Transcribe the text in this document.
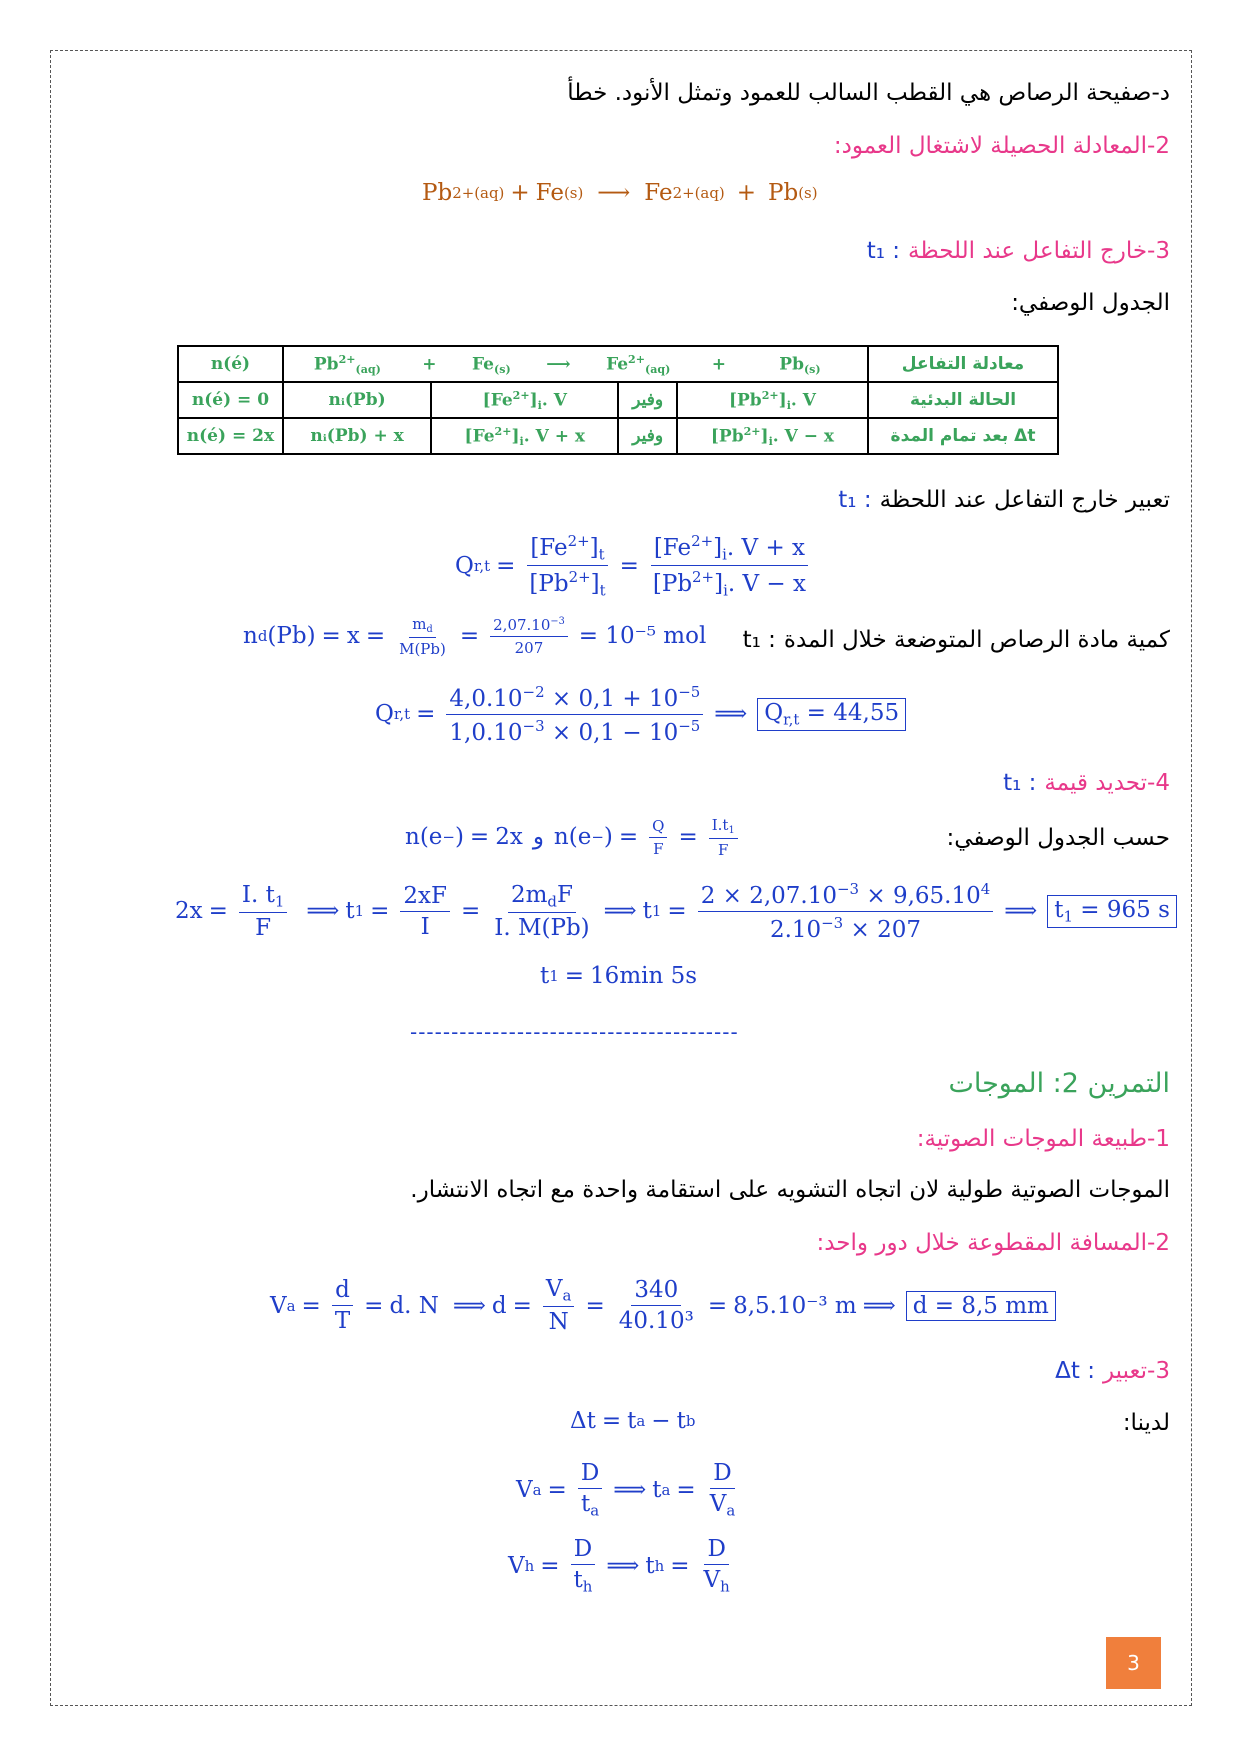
د-صفيحة الرصاص هي القطب السالب للعمود وتمثل الأنود. خطأ
2-المعادلة الحصيلة لاشتغال العمود:
Pb 2+ (aq) + Fe (s) ⟶ Fe 2+ (aq) + Pb (s)
3-خارج التفاعل عند اللحظة
t₁ :
الجدول الوصفي:
n(é)	$Pb^{2+}_{(aq)}$       +      $Fe_{(s)}$      ⟶      $Fe^{2+}_{(aq)}$       +         $Pb_{(s)}$				معادلة التفاعل
n(é) = 0	nᵢ(Pb)	$[Fe^{2+}]_i$. V	وفير	$[Pb^{2+}]_i$. V	الحالة البدئية
n(é) = 2x	nᵢ(Pb) + x	$[Fe^{2+}]_i$. V + x	وفير	$[Pb^{2+}]_i$. V − x	بعد تمام المدة Δt
تعبير خارج التفاعل عند اللحظة
t₁ :
Q $r,t = \frac{[Fe^{2+}]_t}{[Pb^{2+}]_t} = \frac{[Fe^{2+}]_i. V + x}{[Pb^{2+}]_i. V - x}$
كمية مادة الرصاص المتوضعة خلال المدة
t₁ :
n d $(Pb) = x = \frac{m_d}{M(Pb)} = \frac{2,07.10^{-3}}{207} = 10^{-5}$ mol
Q $r,t = \frac{4,0.10^{-2} \times 0,1 + 10^{-5}}{1,0.10^{-3} \times 0,1 - 10^{-5}}$ ⟹ $Q_{r,t} = 44,55$
4-تحديد قيمة
t₁ :
حسب الجدول الوصفي:
n(e − ) = 2x و n(e − ) = $\frac{Q}{F} = \frac{I.t_1}{F}$
$2x = \frac{I. t_1}{F}$ ⟹ t $1 = \frac{2xF}{I} = \frac{2m_dF}{I. M(Pb)}$ ⟹ t $1 = \frac{2 \times 2,07.10^{-3} \times 9,65.10^4}{2.10^{-3} \times 207}$ ⟹ $t_1 = 965$ s
t 1 = 16min 5s
----------------------------------------
التمرين 2: الموجات
1-طبيعة الموجات الصوتية:
الموجات الصوتية طولية لان اتجاه التشويه على استقامة واحدة مع اتجاه الانتشار.
2-المسافة المقطوعة خلال دور واحد:
V $a = \frac{d}{T} = d$. N ⟹ $d = \frac{V_a}{N} = \frac{340}{\text{40.10³}} = 8,5.10^{-3}$ m ⟹ d = 8,5 mm
3-تعبير
Δt :
لدينا:
Δt = t a − t b
V $a = \frac{D}{t_a}$ ⟹ t $a = \frac{D}{V_a}$
V $h = \frac{D}{t_h}$ ⟹ t $h = \frac{D}{V_h}$
3
